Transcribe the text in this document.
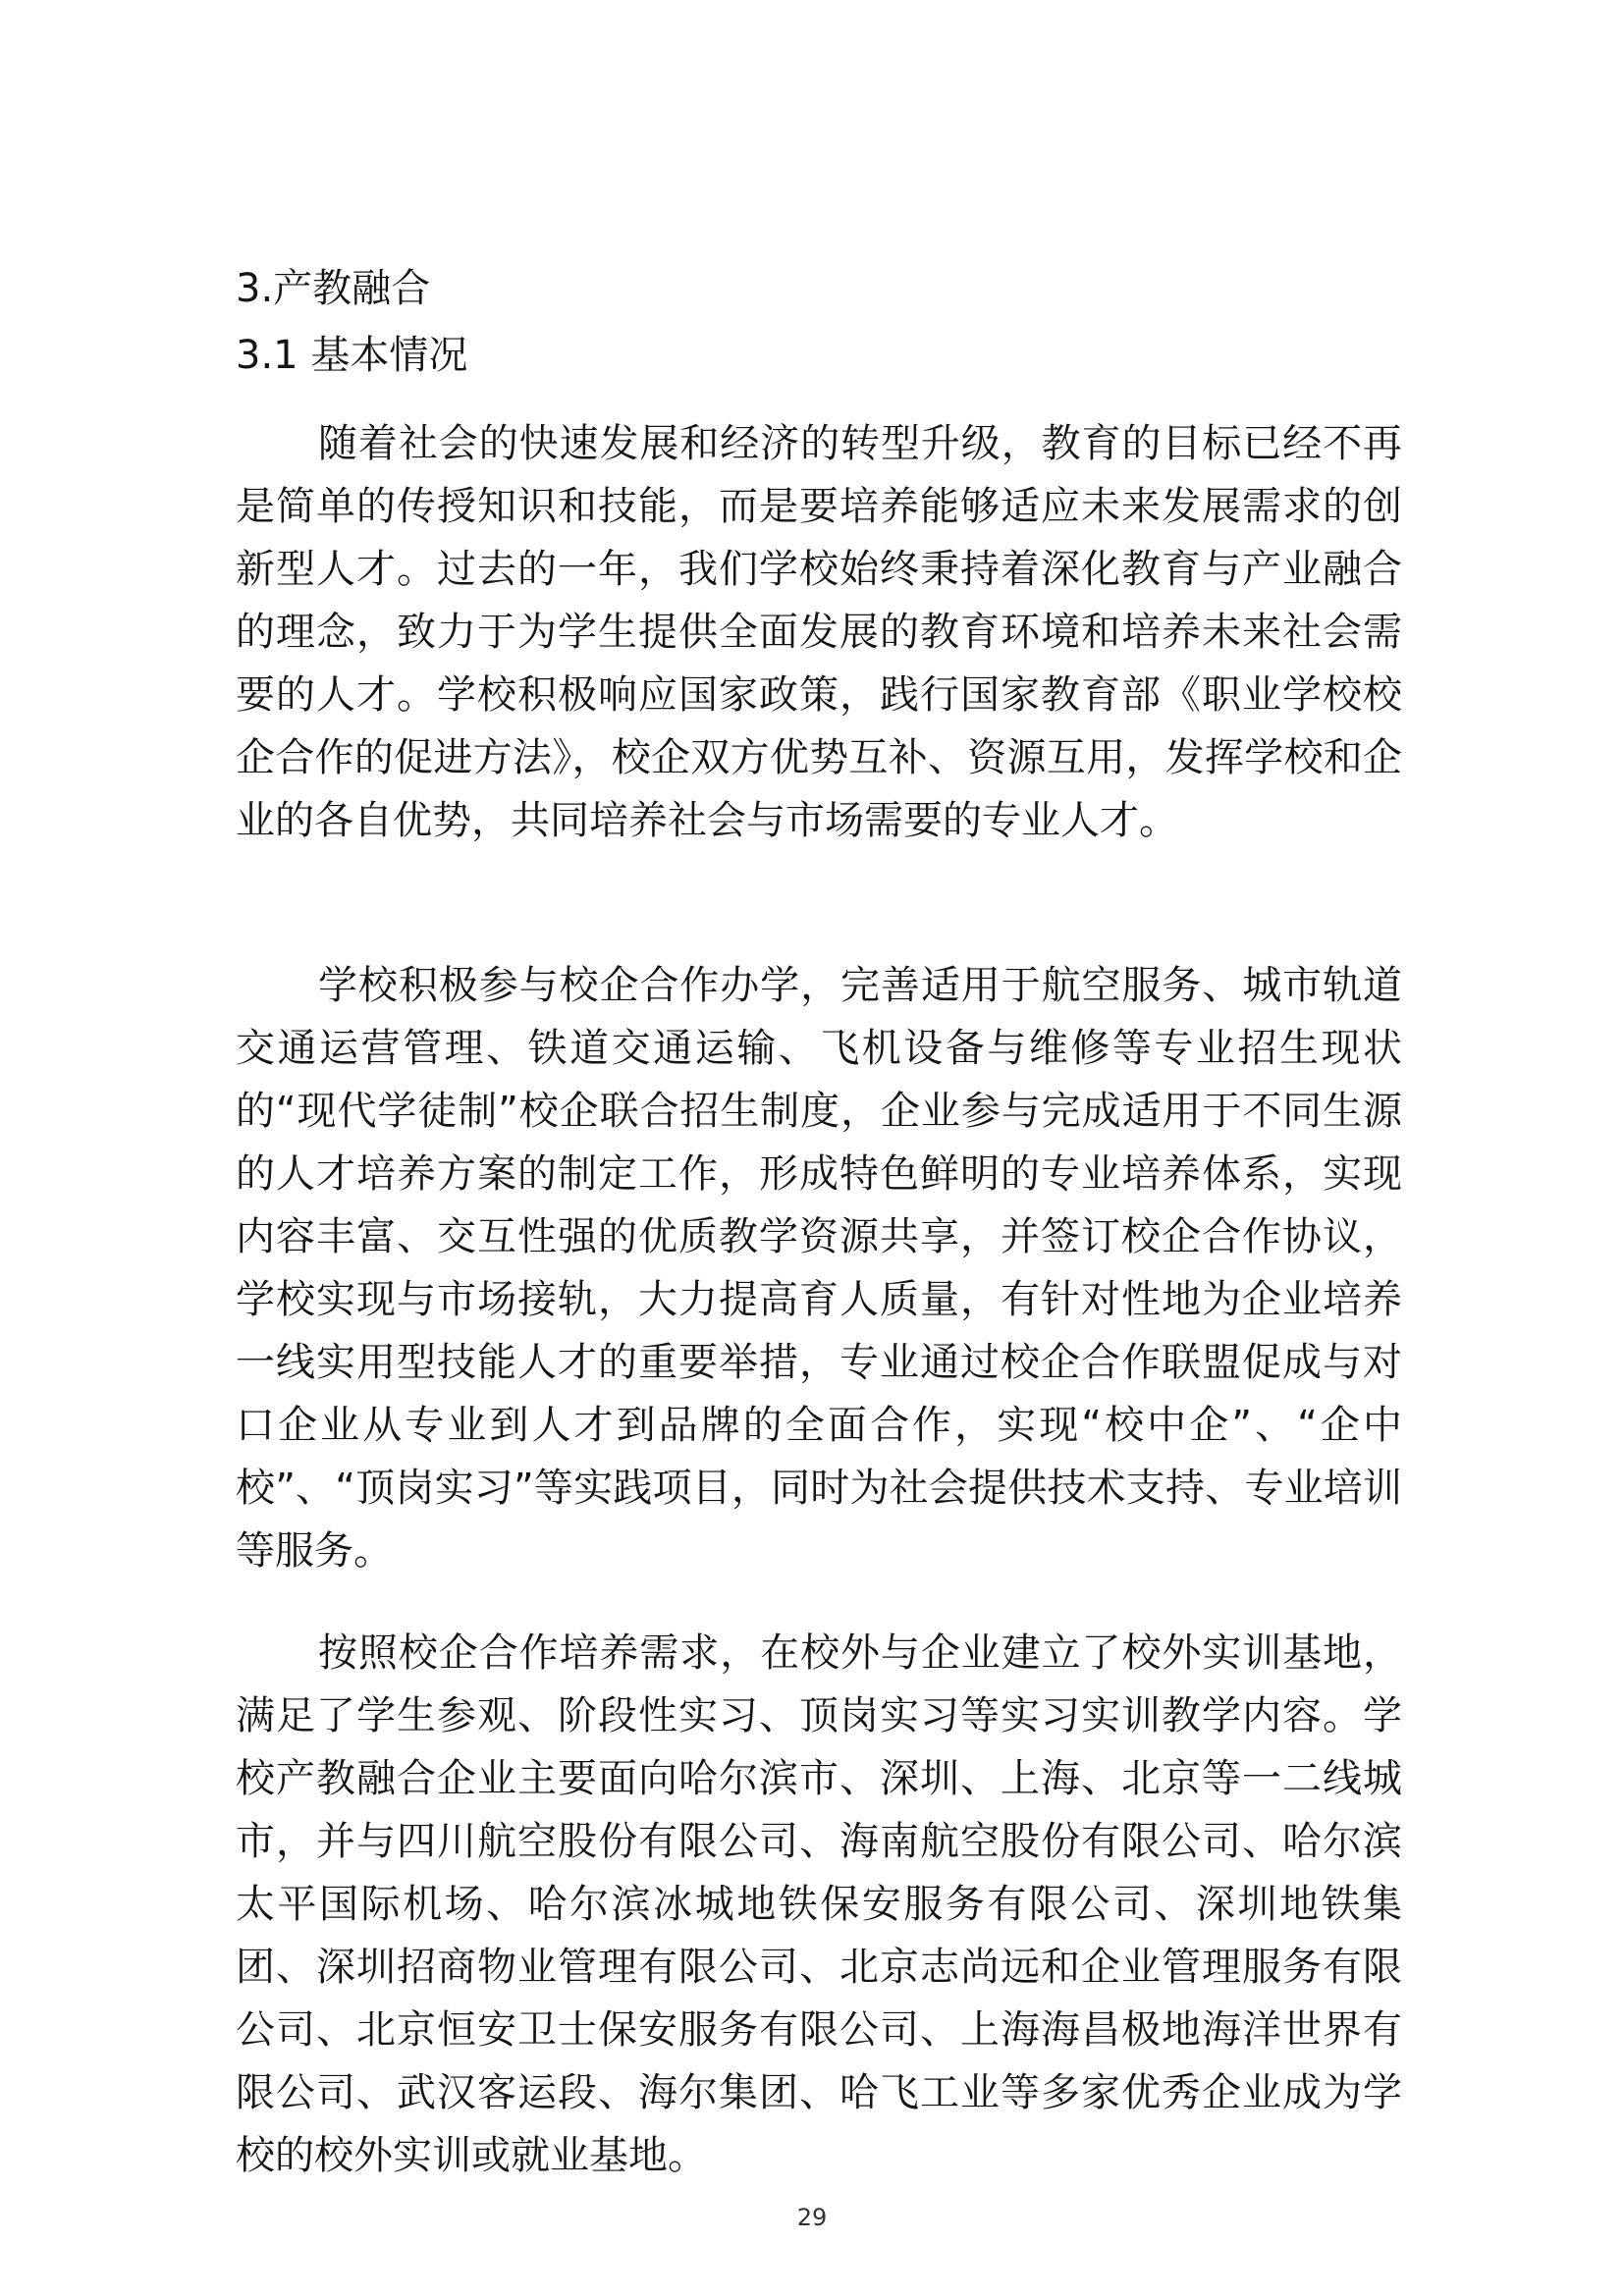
3.产教融合
3.1 基本情况

随着社会的快速发展和经济的转型升级，教育的目标已经不再是简单的传授知识和技能，而是要培养能够适应未来发展需求的创新型人才。过去的一年，我们学校始终秉持着深化教育与产业融合的理念，致力于为学生提供全面发展的教育环境和培养未来社会需要的人才。学校积极响应国家政策，践行国家教育部《职业学校校企合作的促进方法》，校企双方优势互补、资源互用，发挥学校和企业的各自优势，共同培养社会与市场需要的专业人才。

学校积极参与校企合作办学，完善适用于航空服务、城市轨道交通运营管理、铁道交通运输、飞机设备与维修等专业招生现状的“现代学徒制”校企联合招生制度，企业参与完成适用于不同生源的人才培养方案的制定工作，形成特色鲜明的专业培养体系，实现内容丰富、交互性强的优质教学资源共享，并签订校企合作协议，学校实现与市场接轨，大力提高育人质量，有针对性地为企业培养一线实用型技能人才的重要举措，专业通过校企合作联盟促成与对口企业从专业到人才到品牌的全面合作，实现“校中企”、“企中校”、“顶岗实习”等实践项目，同时为社会提供技术支持、专业培训等服务。

按照校企合作培养需求，在校外与企业建立了校外实训基地，满足了学生参观、阶段性实习、顶岗实习等实习实训教学内容。学校产教融合企业主要面向哈尔滨市、深圳、上海、北京等一二线城市，并与四川航空股份有限公司、海南航空股份有限公司、哈尔滨太平国际机场、哈尔滨冰城地铁保安服务有限公司、深圳地铁集团、深圳招商物业管理有限公司、北京志尚远和企业管理服务有限公司、北京恒安卫士保安服务有限公司、上海海昌极地海洋世界有限公司、武汉客运段、海尔集团、哈飞工业等多家优秀企业成为学校的校外实训或就业基地。

29
